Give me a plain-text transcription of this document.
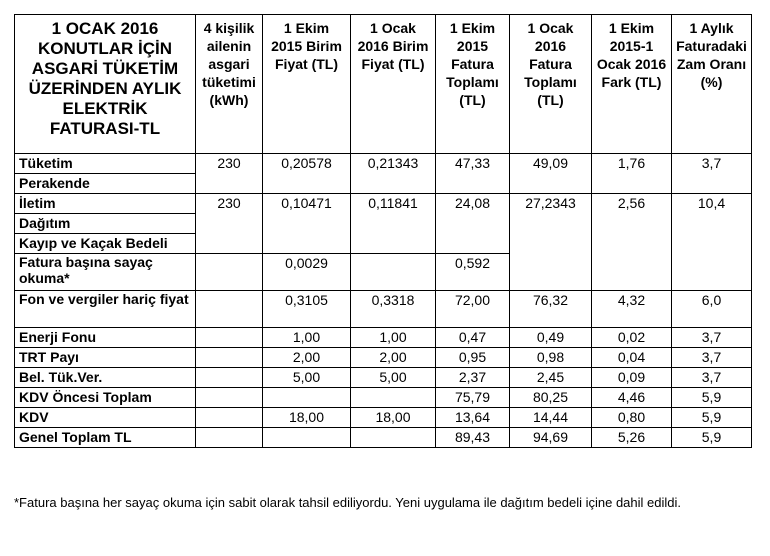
1 OCAK 2016 KONUTLAR İÇİN ASGARİ TÜKETİM ÜZERİNDEN AYLIK ELEKTRİK FATURASI-TL	4 kişilik ailenin asgari tüketimi (kWh)	1 Ekim 2015 Birim Fiyat (TL)	1 Ocak 2016 Birim Fiyat (TL)	1 Ekim 2015 Fatura Toplamı (TL)	1 Ocak 2016 Fatura Toplamı (TL)	1 Ekim 2015-1 Ocak 2016 Fark (TL)	1 Aylık Faturadaki Zam Oranı (%)
Tüketim	230	0,20578	0,21343	47,33	49,09	1,76	3,7
Perakende							
İletim	230	0,10471	0,11841	24,08	27,2343	2,56	10,4
Dağıtım							
Kayıp ve Kaçak Bedeli							
Fatura başına sayaç okuma*		0,0029		0,592			
Fon ve vergiler hariç fiyat		0,3105	0,3318	72,00	76,32	4,32	6,0
Enerji Fonu		1,00	1,00	0,47	0,49	0,02	3,7
TRT Payı		2,00	2,00	0,95	0,98	0,04	3,7
Bel. Tük.Ver.		5,00	5,00	2,37	2,45	0,09	3,7
KDV Öncesi Toplam				75,79	80,25	4,46	5,9
KDV		18,00	18,00	13,64	14,44	0,80	5,9
Genel Toplam TL				89,43	94,69	5,26	5,9

*Fatura başına her sayaç okuma için sabit olarak tahsil ediliyordu. Yeni uygulama ile dağıtım bedeli içine dahil edildi.
